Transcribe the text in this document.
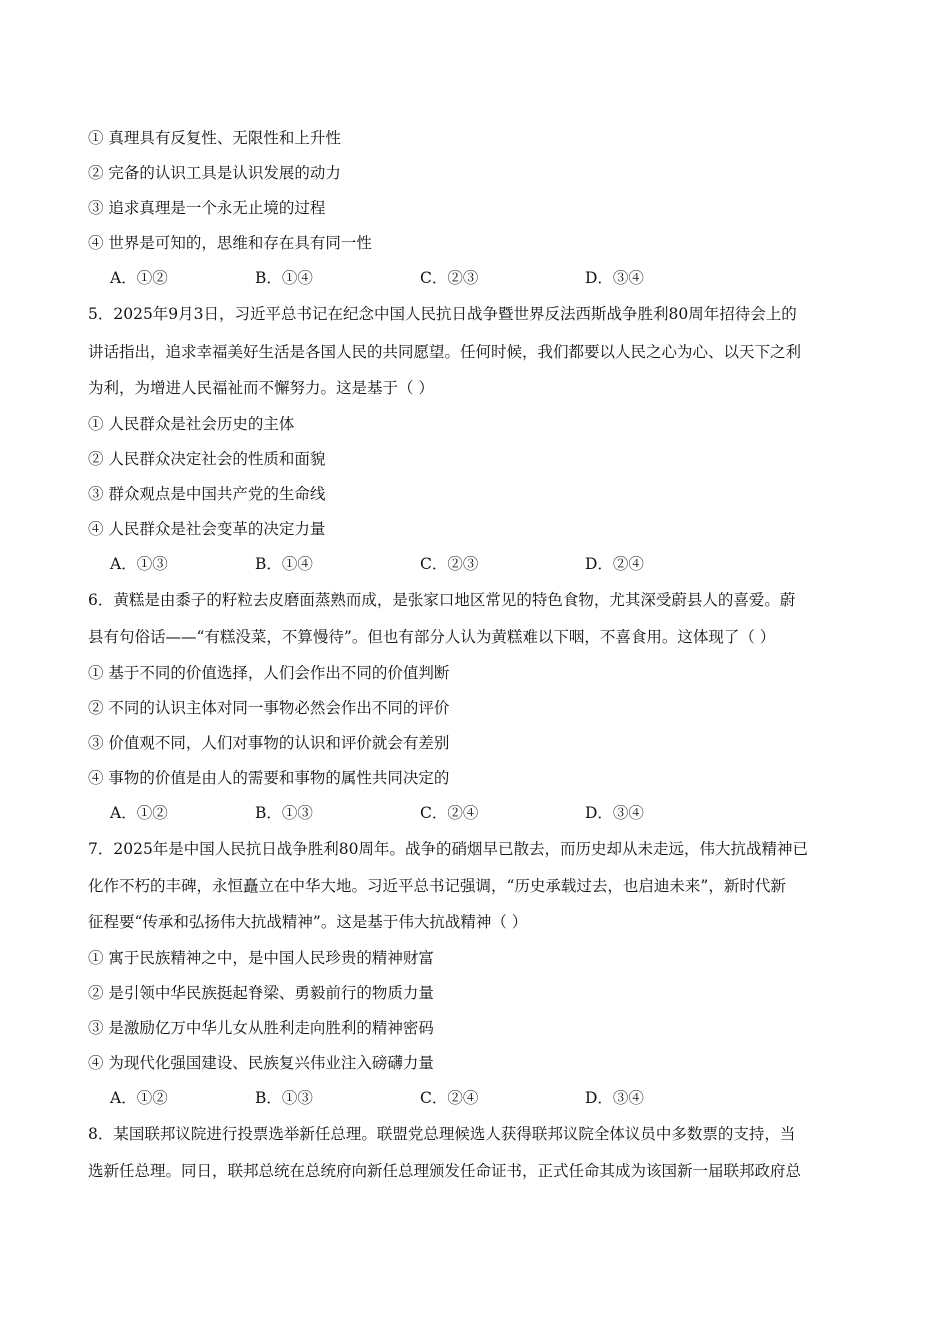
① 真理具有反复性、无限性和上升性
② 完备的认识工具是认识发展的动力
③ 追求真理是一个永无止境的过程
④ 世界是可知的，思维和存在具有同一性
A．①②	B．①④	C．②③	D．③④
5．2025年9月3日，习近平总书记在纪念中国人民抗日战争暨世界反法西斯战争胜利80周年招待会上的
讲话指出，追求幸福美好生活是各国人民的共同愿望。任何时候，我们都要以人民之心为心、以天下之利
为利，为增进人民福祉而不懈努力。这是基于（ ）
① 人民群众是社会历史的主体
② 人民群众决定社会的性质和面貌
③ 群众观点是中国共产党的生命线
④ 人民群众是社会变革的决定力量
A．①③	B．①④	C．②③	D．②④
6．黄糕是由黍子的籽粒去皮磨面蒸熟而成，是张家口地区常见的特色食物，尤其深受蔚县人的喜爱。蔚
县有句俗话——“有糕没菜，不算慢待”。但也有部分人认为黄糕难以下咽，不喜食用。这体现了（ ）
① 基于不同的价值选择，人们会作出不同的价值判断
② 不同的认识主体对同一事物必然会作出不同的评价
③ 价值观不同，人们对事物的认识和评价就会有差别
④ 事物的价值是由人的需要和事物的属性共同决定的
A．①②	B．①③	C．②④	D．③④
7．2025年是中国人民抗日战争胜利80周年。战争的硝烟早已散去，而历史却从未走远，伟大抗战精神已
化作不朽的丰碑，永恒矗立在中华大地。习近平总书记强调，“历史承载过去，也启迪未来”，新时代新
征程要“传承和弘扬伟大抗战精神”。这是基于伟大抗战精神（ ）
① 寓于民族精神之中，是中国人民珍贵的精神财富
② 是引领中华民族挺起脊梁、勇毅前行的物质力量
③ 是激励亿万中华儿女从胜利走向胜利的精神密码
④ 为现代化强国建设、民族复兴伟业注入磅礴力量
A．①②	B．①③	C．②④	D．③④
8．某国联邦议院进行投票选举新任总理。联盟党总理候选人获得联邦议院全体议员中多数票的支持，当
选新任总理。同日，联邦总统在总统府向新任总理颁发任命证书，正式任命其成为该国新一届联邦政府总
